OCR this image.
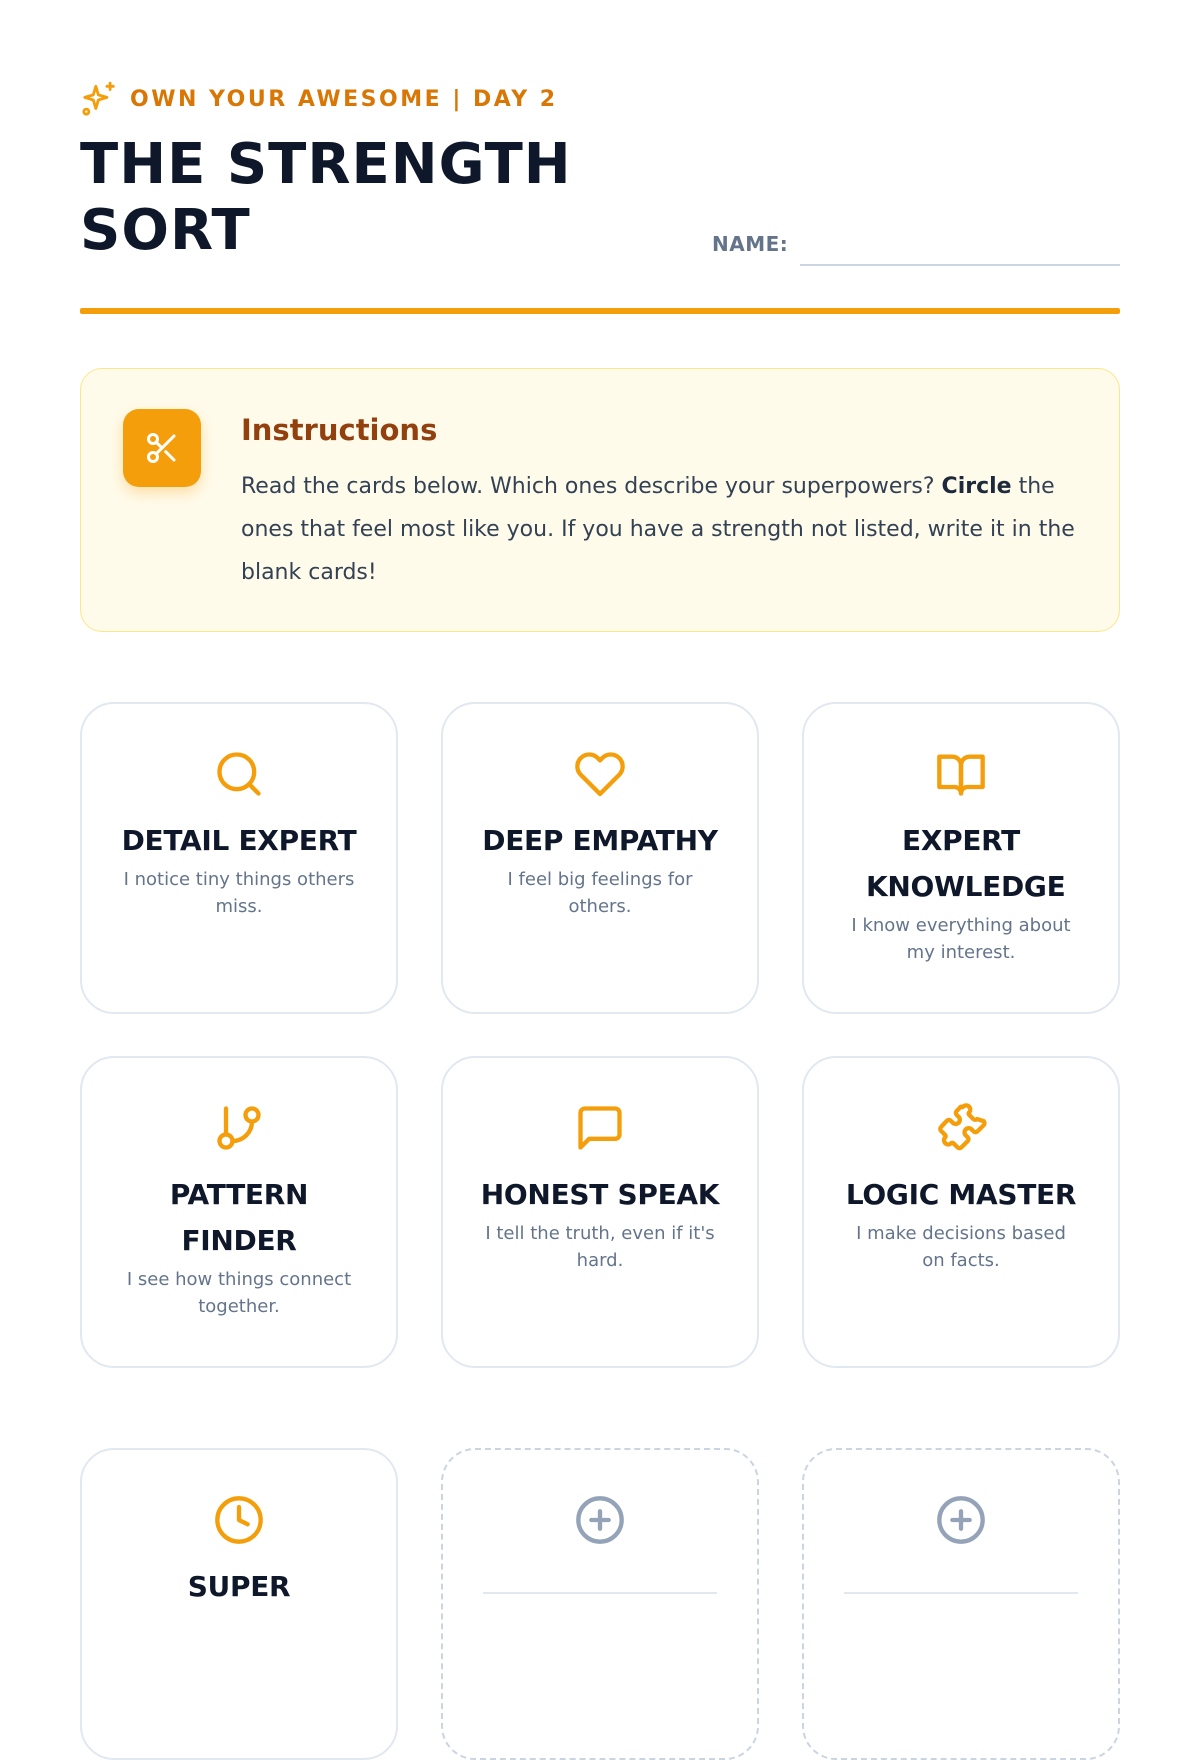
OWN YOUR AWESOME | DAY 2
THE STRENGTH
SORT	NAME:
Instructions
Read the cards below. Which ones describe your superpowers? Circle the ones that feel most like you. If you have a strength not listed, write it in the blank cards!
DETAIL EXPERT
I notice tiny things others miss.
DEEP EMPATHY
I feel big feelings for others.
EXPERT KNOWLEDGE
I know everything about my interest.
PATTERN FINDER
I see how things connect together.
HONEST SPEAK
I tell the truth, even if it's hard.
LOGIC MASTER
I make decisions based on facts.
SUPER
